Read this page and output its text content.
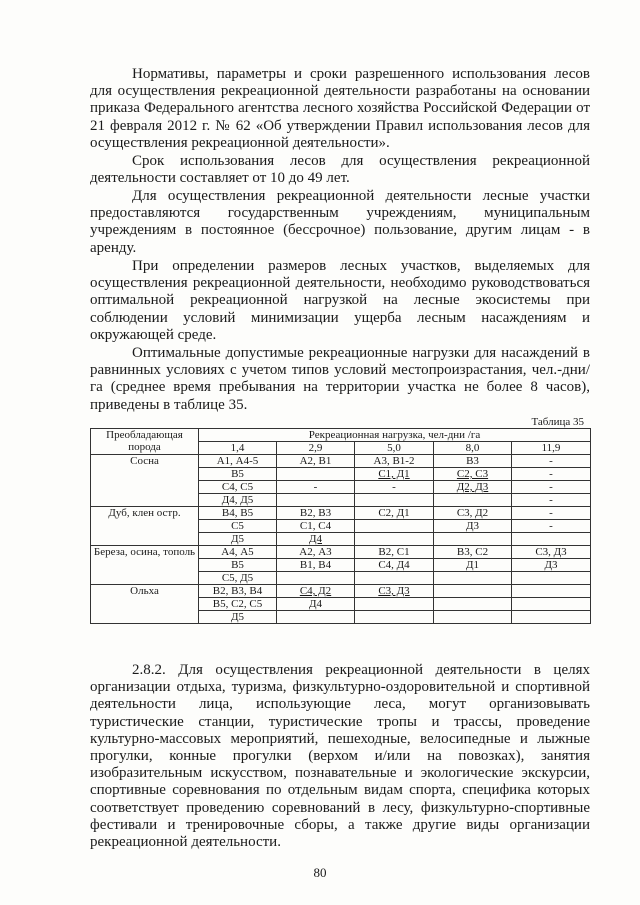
Нормативы, параметры и сроки разрешенного использования лесов для осуществления рекреационной деятельности разработаны на основании приказа Федерального агентства лесного хозяйства Российской Федерации от 21 февраля 2012 г. № 62 «Об утверждении Правил использования лесов для осуществления рекреационной деятельности».

Срок использования лесов для осуществления рекреационной деятельности составляет от 10 до 49 лет.

Для осуществления рекреационной деятельности лесные участки предоставляются государственным учреждениям, муниципальным учреждениям в постоянное (бессрочное) пользование, другим лицам - в аренду.

При определении размеров лесных участков, выделяемых для осуществления рекреационной деятельности, необходимо руководствоваться оптимальной рекреационной нагрузкой на лесные экосистемы при соблюдении условий минимизации ущерба лесным насаждениям и окружающей среде.

Оптимальные допустимые рекреационные нагрузки для насаждений в равнинных условиях с учетом типов условий местопроизрастания, чел.-дни/га (среднее время пребывания на территории участка не более 8 часов), приведены в таблице 35.

Таблица 35
Преобладающая порода	Рекреационная нагрузка, чел-дни /га				
	1,4	2,9	5,0	8,0	11,9
Сосна	А1, А4-5	А2, В1	А3, В1-2	В3	-
	В5		С1, Д1	С2, С3	-
	С4, С5	-	-	Д2, Д3	-
	Д4, Д5				-
Дуб, клен остр.	В4, В5	В2, В3	С2, Д1	С3, Д2	-
	С5	С1, С4		Д3	-
	Д5	Д4			
Береза, осина, тополь	А4, А5	А2, А3	В2, С1	В3, С2	С3, Д3
	В5	В1, В4	С4, Д4	Д1	Д3
	С5, Д5				
Ольха	В2, В3, В4	С4, Д2	С3, Д3		
	В5, С2, С5	Д4			
	Д5				

2.8.2. Для осуществления рекреационной деятельности в целях организации отдыха, туризма, физкультурно-оздоровительной и спортивной деятельности лица, использующие леса, могут организовывать туристические станции, туристические тропы и трассы, проведение культурно-массовых мероприятий, пешеходные, велосипедные и лыжные прогулки, конные прогулки (верхом и/или на повозках), занятия изобразительным искусством, познавательные и экологические экскурсии, спортивные соревнования по отдельным видам спорта, специфика которых соответствует проведению соревнований в лесу, физкультурно-спортивные фестивали и тренировочные сборы, а также другие виды организации рекреационной деятельности.

80
